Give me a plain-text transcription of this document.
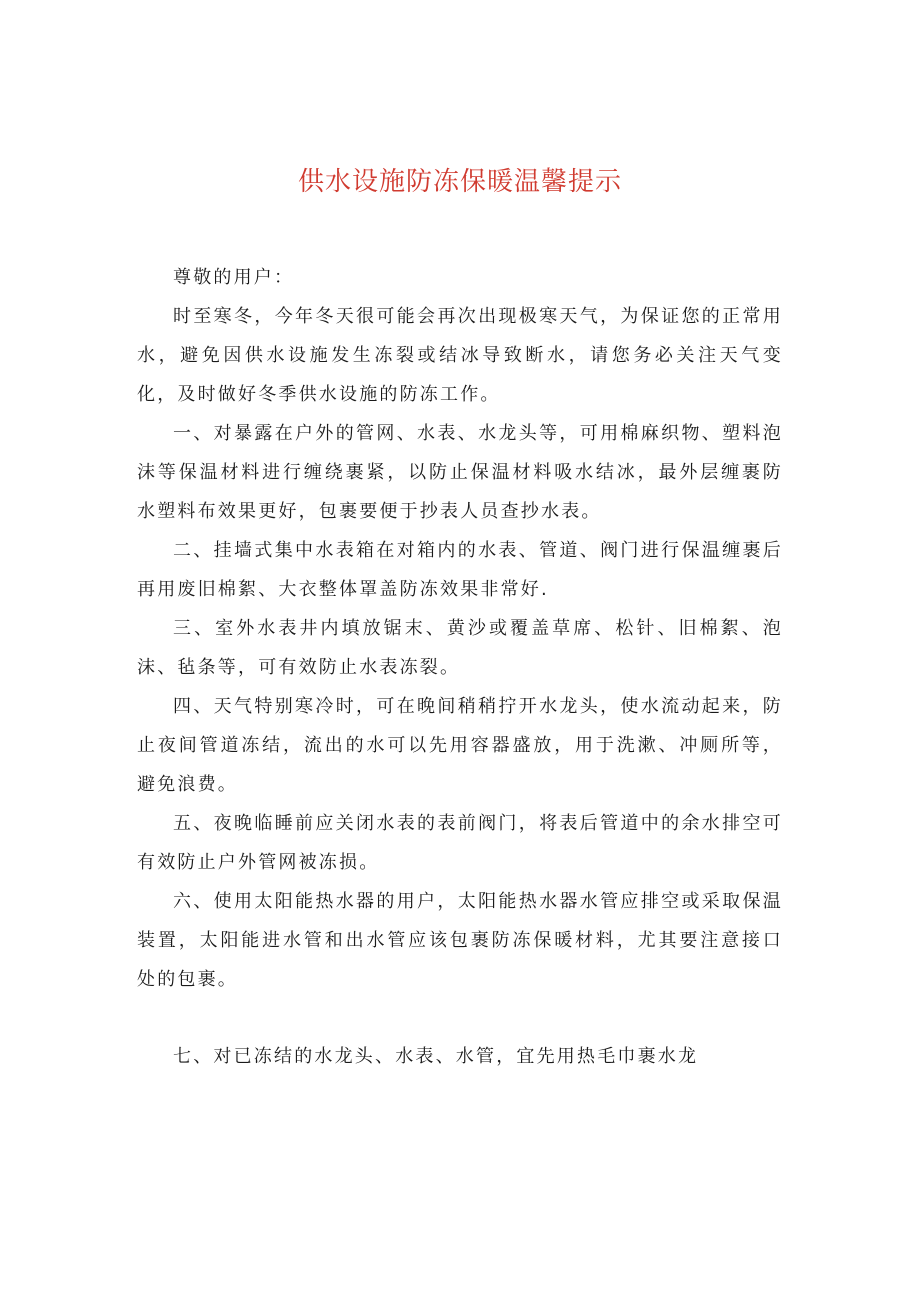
供水设施防冻保暖温馨提示

尊敬的用户：

时至寒冬，今年冬天很可能会再次出现极寒天气，为保证您的正常用水，避免因供水设施发生冻裂或结冰导致断水，请您务必关注天气变化，及时做好冬季供水设施的防冻工作。

一、对暴露在户外的管网、水表、水龙头等，可用棉麻织物、塑料泡沫等保温材料进行缠绕裹紧，以防止保温材料吸水结冰，最外层缠裹防水塑料布效果更好，包裹要便于抄表人员查抄水表。

二、挂墙式集中水表箱在对箱内的水表、管道、阀门进行保温缠裹后再用废旧棉絮、大衣整体罩盖防冻效果非常好.

三、室外水表井内填放锯末、黄沙或覆盖草席、松针、旧棉絮、泡沫、毡条等，可有效防止水表冻裂。

四、天气特别寒冷时，可在晚间稍稍拧开水龙头，使水流动起来，防止夜间管道冻结，流出的水可以先用容器盛放，用于洗漱、冲厕所等，避免浪费。

五、夜晚临睡前应关闭水表的表前阀门，将表后管道中的余水排空可有效防止户外管网被冻损。

六、使用太阳能热水器的用户，太阳能热水器水管应排空或采取保温装置，太阳能进水管和出水管应该包裹防冻保暖材料，尤其要注意接口处的包裹。

七、对已冻结的水龙头、水表、水管，宜先用热毛巾裹水龙
